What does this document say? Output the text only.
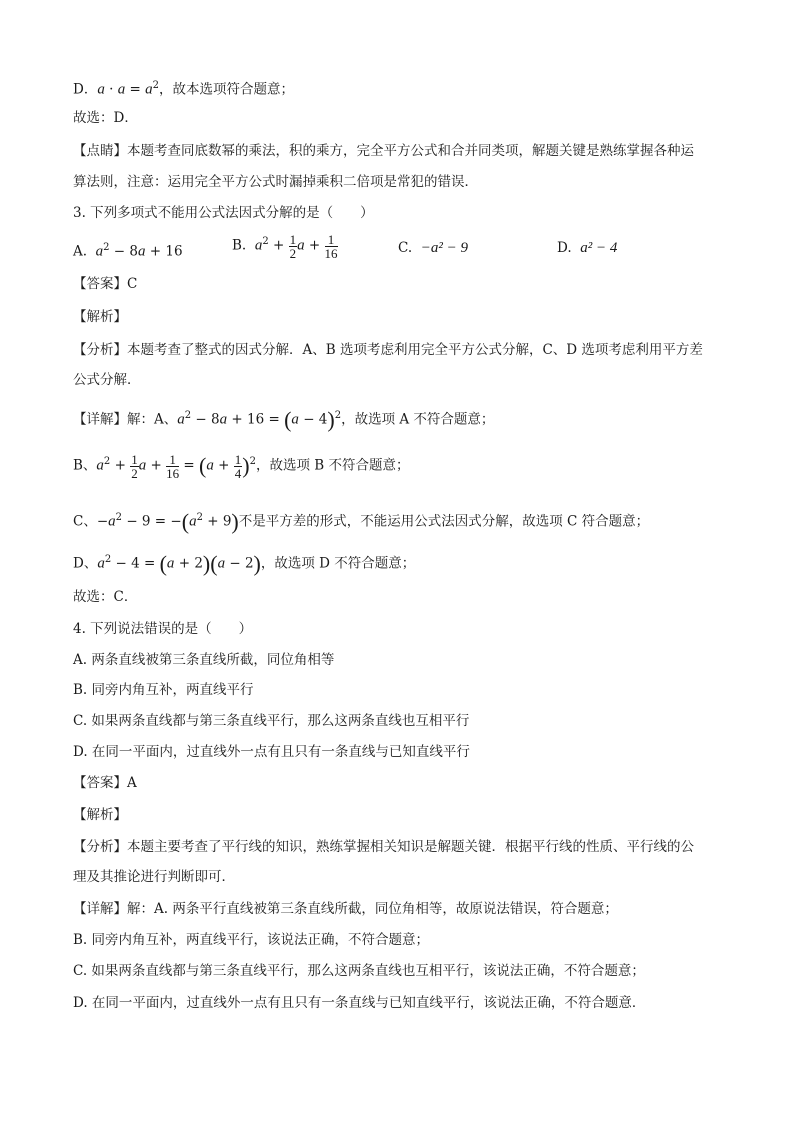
D．$a \cdot a = a^2$，故本选项符合题意；
故选：D．
【点睛】本题考查同底数幂的乘法，积的乘方，完全平方公式和合并同类项，解题关键是熟练掌握各种运
算法则，注意：运用完全平方公式时漏掉乘积二倍项是常犯的错误．
3. 下列多项式不能用公式法因式分解的是（　　）
A. $a^2 - 8a + 16$	B. $a^2 + \frac{1}{2}$ $a + \frac{1}{16}$	C. −a² − 9	D. a² − 4
【答案】C
【解析】
【分析】本题考查了整式的因式分解．A、B 选项考虑利用完全平方公式分解，C、D 选项考虑利用平方差
公式分解．
【详解】解：A、$a^2 - 8a + 16 = (a - 4)^2$，故选项 A 不符合题意；
B、$a^2 + \frac{1}{2}$ $a + \frac{1}{16} = (a + \frac{1}{4} )^2$，故选项 B 不符合题意；
C、$-a^2 - 9 = -(a^2 + 9)$不是平方差的形式，不能运用公式法因式分解，故选项 C 符合题意；
D、$a^2 - 4 = (a + 2)(a - 2)$，故选项 D 不符合题意；
故选：C．
4. 下列说法错误的是（　　）
A. 两条直线被第三条直线所截，同位角相等
B. 同旁内角互补，两直线平行
C. 如果两条直线都与第三条直线平行，那么这两条直线也互相平行
D. 在同一平面内，过直线外一点有且只有一条直线与已知直线平行
【答案】A
【解析】
【分析】本题主要考查了平行线的知识，熟练掌握相关知识是解题关键．根据平行线的性质、平行线的公
理及其推论进行判断即可．
【详解】解：A. 两条平行直线被第三条直线所截，同位角相等，故原说法错误，符合题意；
B. 同旁内角互补，两直线平行，该说法正确，不符合题意；
C. 如果两条直线都与第三条直线平行，那么这两条直线也互相平行，该说法正确，不符合题意；
D. 在同一平面内，过直线外一点有且只有一条直线与已知直线平行，该说法正确，不符合题意．
